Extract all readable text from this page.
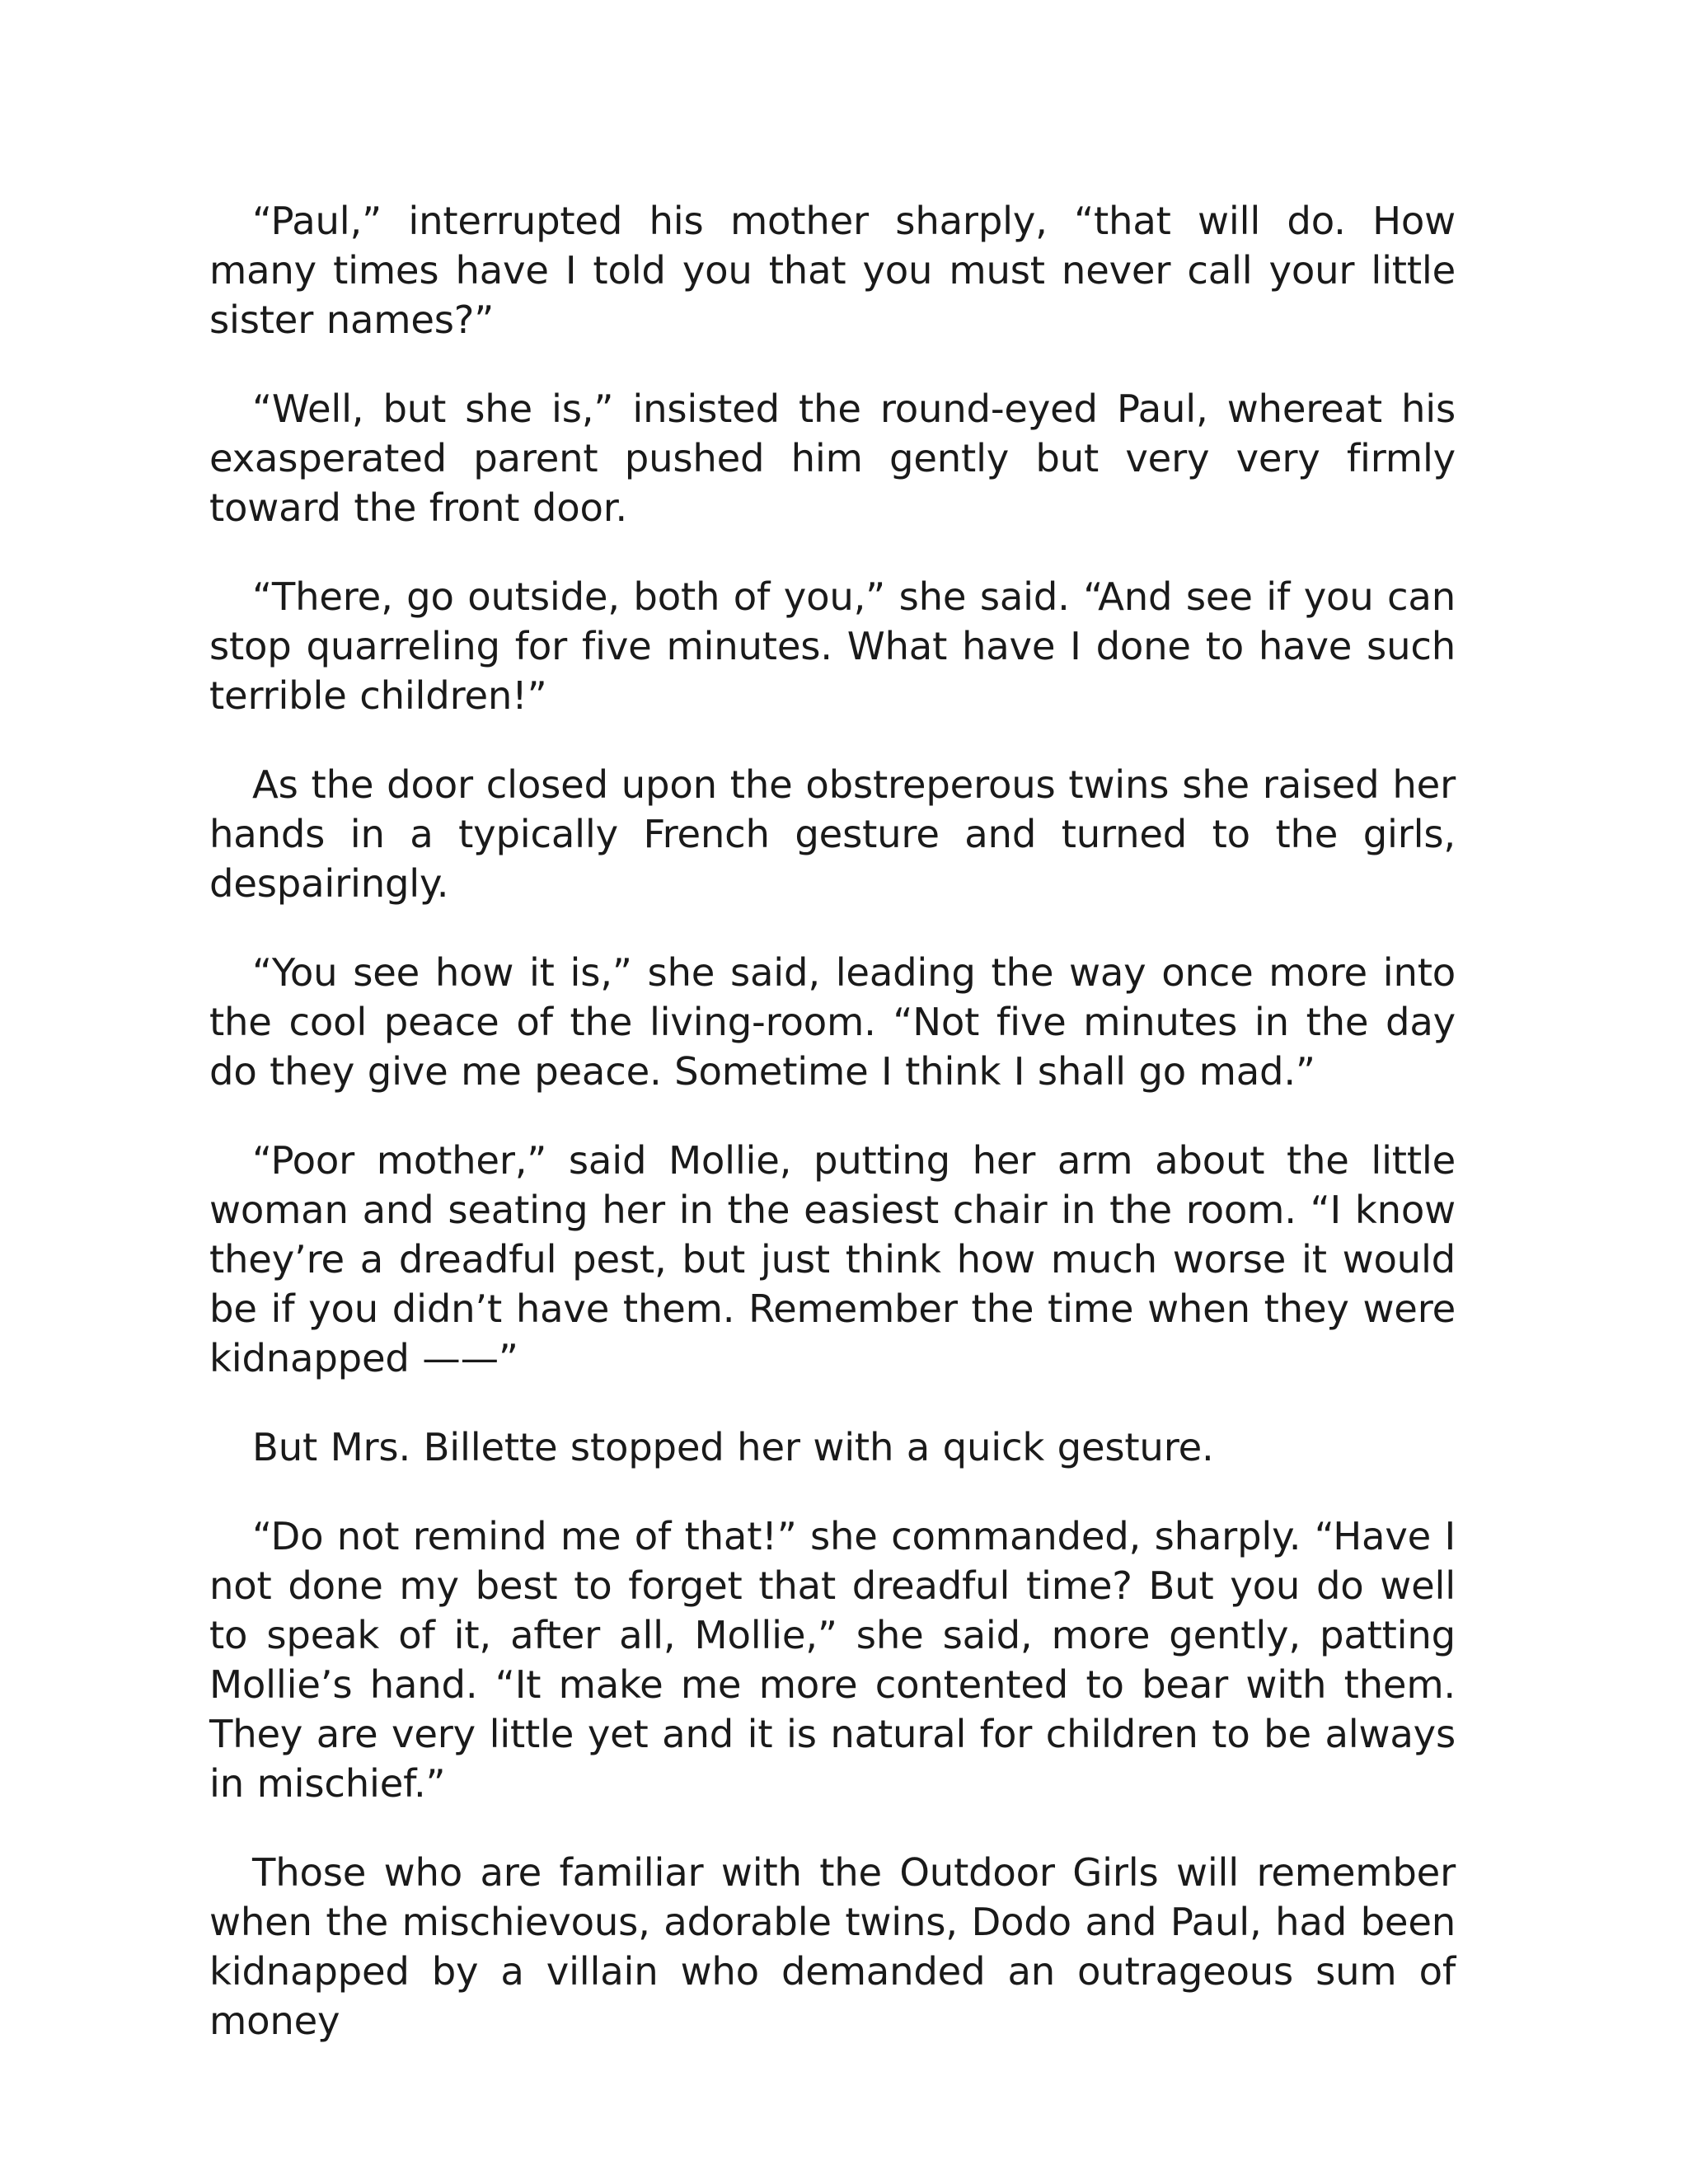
“Paul,” interrupted his mother sharply, “that will do. How many times have I told you that you must never call your little sister names?”

“Well, but she is,” insisted the round-eyed Paul, whereat his exasperated parent pushed him gently but very very firmly toward the front door.

“There, go outside, both of you,” she said. “And see if you can stop quarreling for five minutes. What have I done to have such terrible children!”

As the door closed upon the obstreperous twins she raised her hands in a typically French gesture and turned to the girls, despairingly.

“You see how it is,” she said, leading the way once more into the cool peace of the living-room. “Not five minutes in the day do they give me peace. Sometime I think I shall go mad.”

“Poor mother,” said Mollie, putting her arm about the little woman and seating her in the easiest chair in the room. “I know they’re a dreadful pest, but just think how much worse it would be if you didn’t have them. Remember the time when they were kidnapped ——”

But Mrs. Billette stopped her with a quick gesture.

“Do not remind me of that!” she commanded, sharply. “Have I not done my best to forget that dreadful time? But you do well to speak of it, after all, Mollie,” she said, more gently, patting Mollie’s hand. “It make me more contented to bear with them. They are very little yet and it is natural for children to be always in mischief.”

Those who are familiar with the Outdoor Girls will remember when the mischievous, adorable twins, Dodo and Paul, had been kidnapped by a villain who demanded an outrageous sum of money
